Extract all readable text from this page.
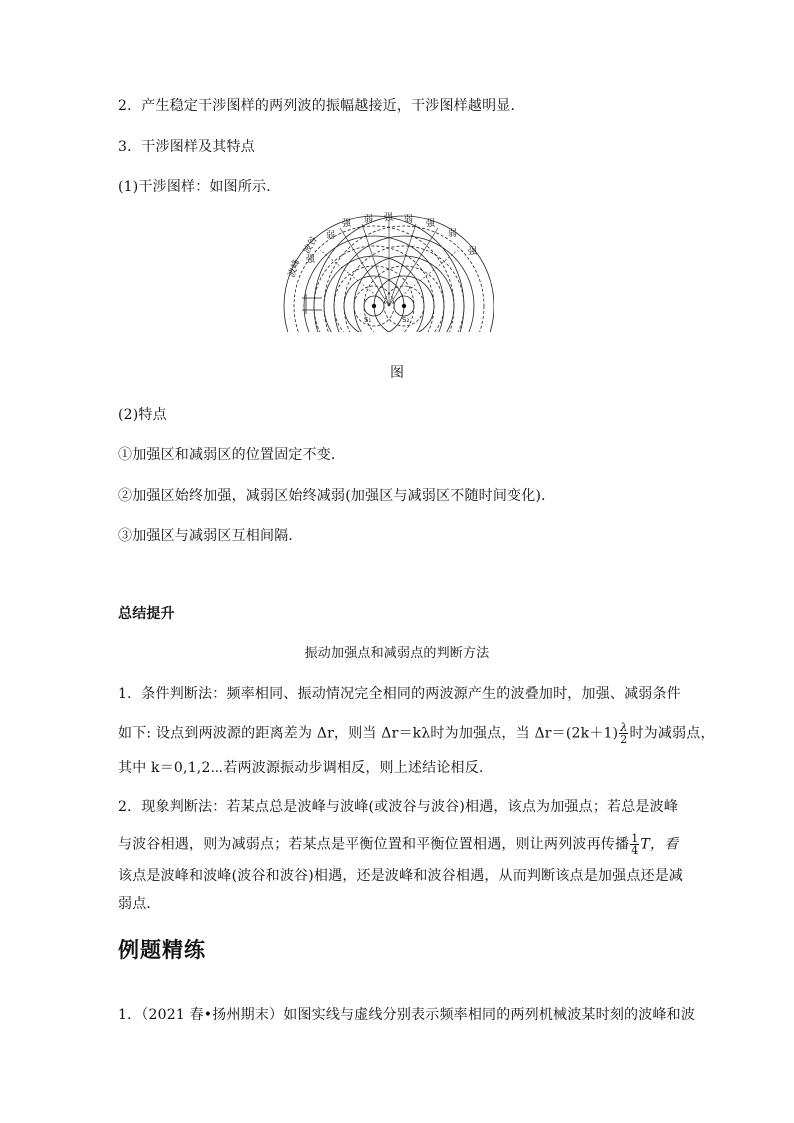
2．产生稳定干涉图样的两列波的振幅越接近，干涉图样越明显．
3．干涉图样及其特点
(1)干涉图样：如图所示．
波峰
波谷
强
弱
强 弱 强 弱 强
弱
强
S₁	S₂
图
(2)特点
①加强区和减弱区的位置固定不变．
②加强区始终加强，减弱区始终减弱(加强区与减弱区不随时间变化)．
③加强区与减弱区互相间隔．
总结提升
振动加强点和减弱点的判断方法
1．条件判断法：频率相同、振动情况完全相同的两波源产生的波叠加时，加强、减弱条件
如下: 设点到两波源的距离差为 Δr，则当 Δr＝kλ时为加强点，当 $\Delta r=(2k+1) \frac{\lambda}{2}$ 时为减弱点，
其中 k＝0,1,2⋯若两波源振动步调相反，则上述结论相反．
2．现象判断法：若某点总是波峰与波峰(或波谷与波谷)相遇，该点为加强点；若总是波峰
与波谷相遇，则为减弱点；若某点是平衡位置和平衡位置相遇，则让两列波再传播 $\frac{1}{4}$ T，看
该点是波峰和波峰(波谷和波谷)相遇，还是波峰和波谷相遇，从而判断该点是加强点还是减
弱点．
例题精练
1．（2021 春•扬州期末）如图实线与虚线分别表示频率相同的两列机械波某时刻的波峰和波
